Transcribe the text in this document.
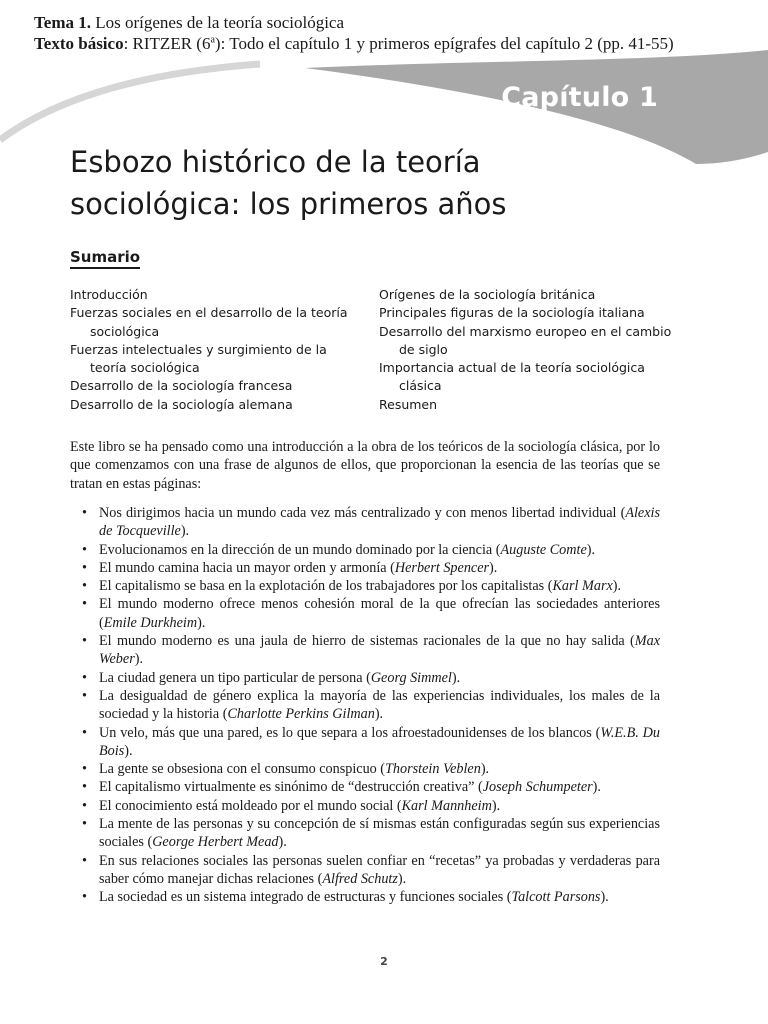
Tema 1. Los orígenes de la teoría sociológica
Texto básico: RITZER (6$^a$): Todo el capítulo 1 y primeros epígrafes del capítulo 2 (pp. 41-55)
Capítulo 1
Esbozo histórico de la teoría
sociológica: los primeros años
Sumario
Introducción
Fuerzas sociales en el desarrollo de la teoría sociológica
Fuerzas intelectuales y surgimiento de la teoría sociológica
Desarrollo de la sociología francesa
Desarrollo de la sociología alemana
Orígenes de la sociología británica
Principales figuras de la sociología italiana
Desarrollo del marxismo europeo en el cambio de siglo
Importancia actual de la teoría sociológica clásica
Resumen

Este libro se ha pensado como una introducción a la obra de los teóricos de la sociología clásica, por lo que comenzamos con una frase de algunos de ellos, que proporcionan la esencia de las teorías que se tratan en estas páginas:

• Nos dirigimos hacia un mundo cada vez más centralizado y con menos libertad individual (Alexis de Tocqueville).
• Evolucionamos en la dirección de un mundo dominado por la ciencia (Auguste Comte).
• El mundo camina hacia un mayor orden y armonía (Herbert Spencer).
• El capitalismo se basa en la explotación de los trabajadores por los capitalistas (Karl Marx).
• El mundo moderno ofrece menos cohesión moral de la que ofrecían las sociedades anteriores (Emile Durkheim).
• El mundo moderno es una jaula de hierro de sistemas racionales de la que no hay salida (Max Weber).
• La ciudad genera un tipo particular de persona (Georg Simmel).
• La desigualdad de género explica la mayoría de las experiencias individuales, los males de la sociedad y la historia (Charlotte Perkins Gilman).
• Un velo, más que una pared, es lo que separa a los afroestadounidenses de los blancos (W.E.B. Du Bois).
• La gente se obsesiona con el consumo conspicuo (Thorstein Veblen).
• El capitalismo virtualmente es sinónimo de “destrucción creativa” (Joseph Schumpeter).
• El conocimiento está moldeado por el mundo social (Karl Mannheim).
• La mente de las personas y su concepción de sí mismas están configuradas según sus experiencias sociales (George Herbert Mead).
• En sus relaciones sociales las personas suelen confiar en “recetas” ya probadas y verdaderas para saber cómo manejar dichas relaciones (Alfred Schutz).
• La sociedad es un sistema integrado de estructuras y funciones sociales (Talcott Parsons).
2
